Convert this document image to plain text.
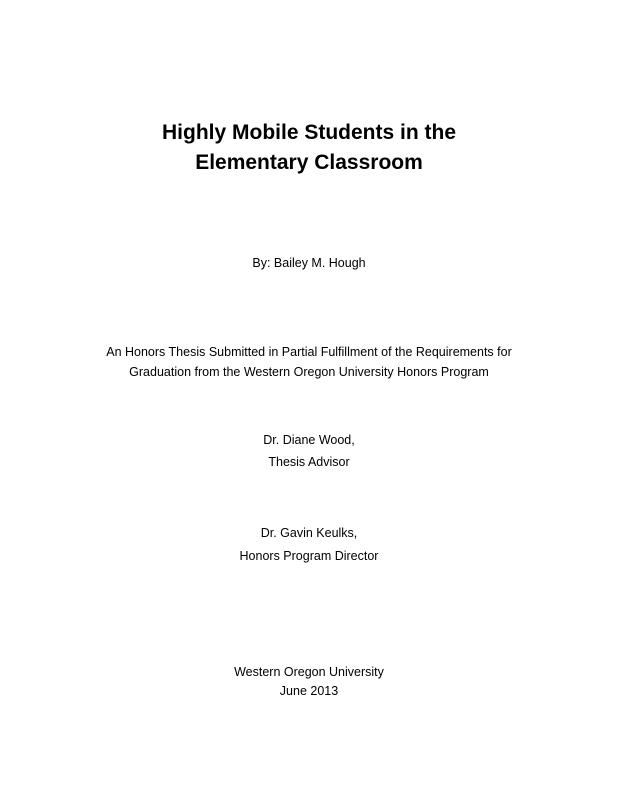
Highly Mobile Students in the

Elementary Classroom

By: Bailey M. Hough

An Honors Thesis Submitted in Partial Fulfillment of the Requirements for

Graduation from the Western Oregon University Honors Program

Dr. Diane Wood,

Thesis Advisor

Dr. Gavin Keulks,

Honors Program Director

Western Oregon University

June 2013
